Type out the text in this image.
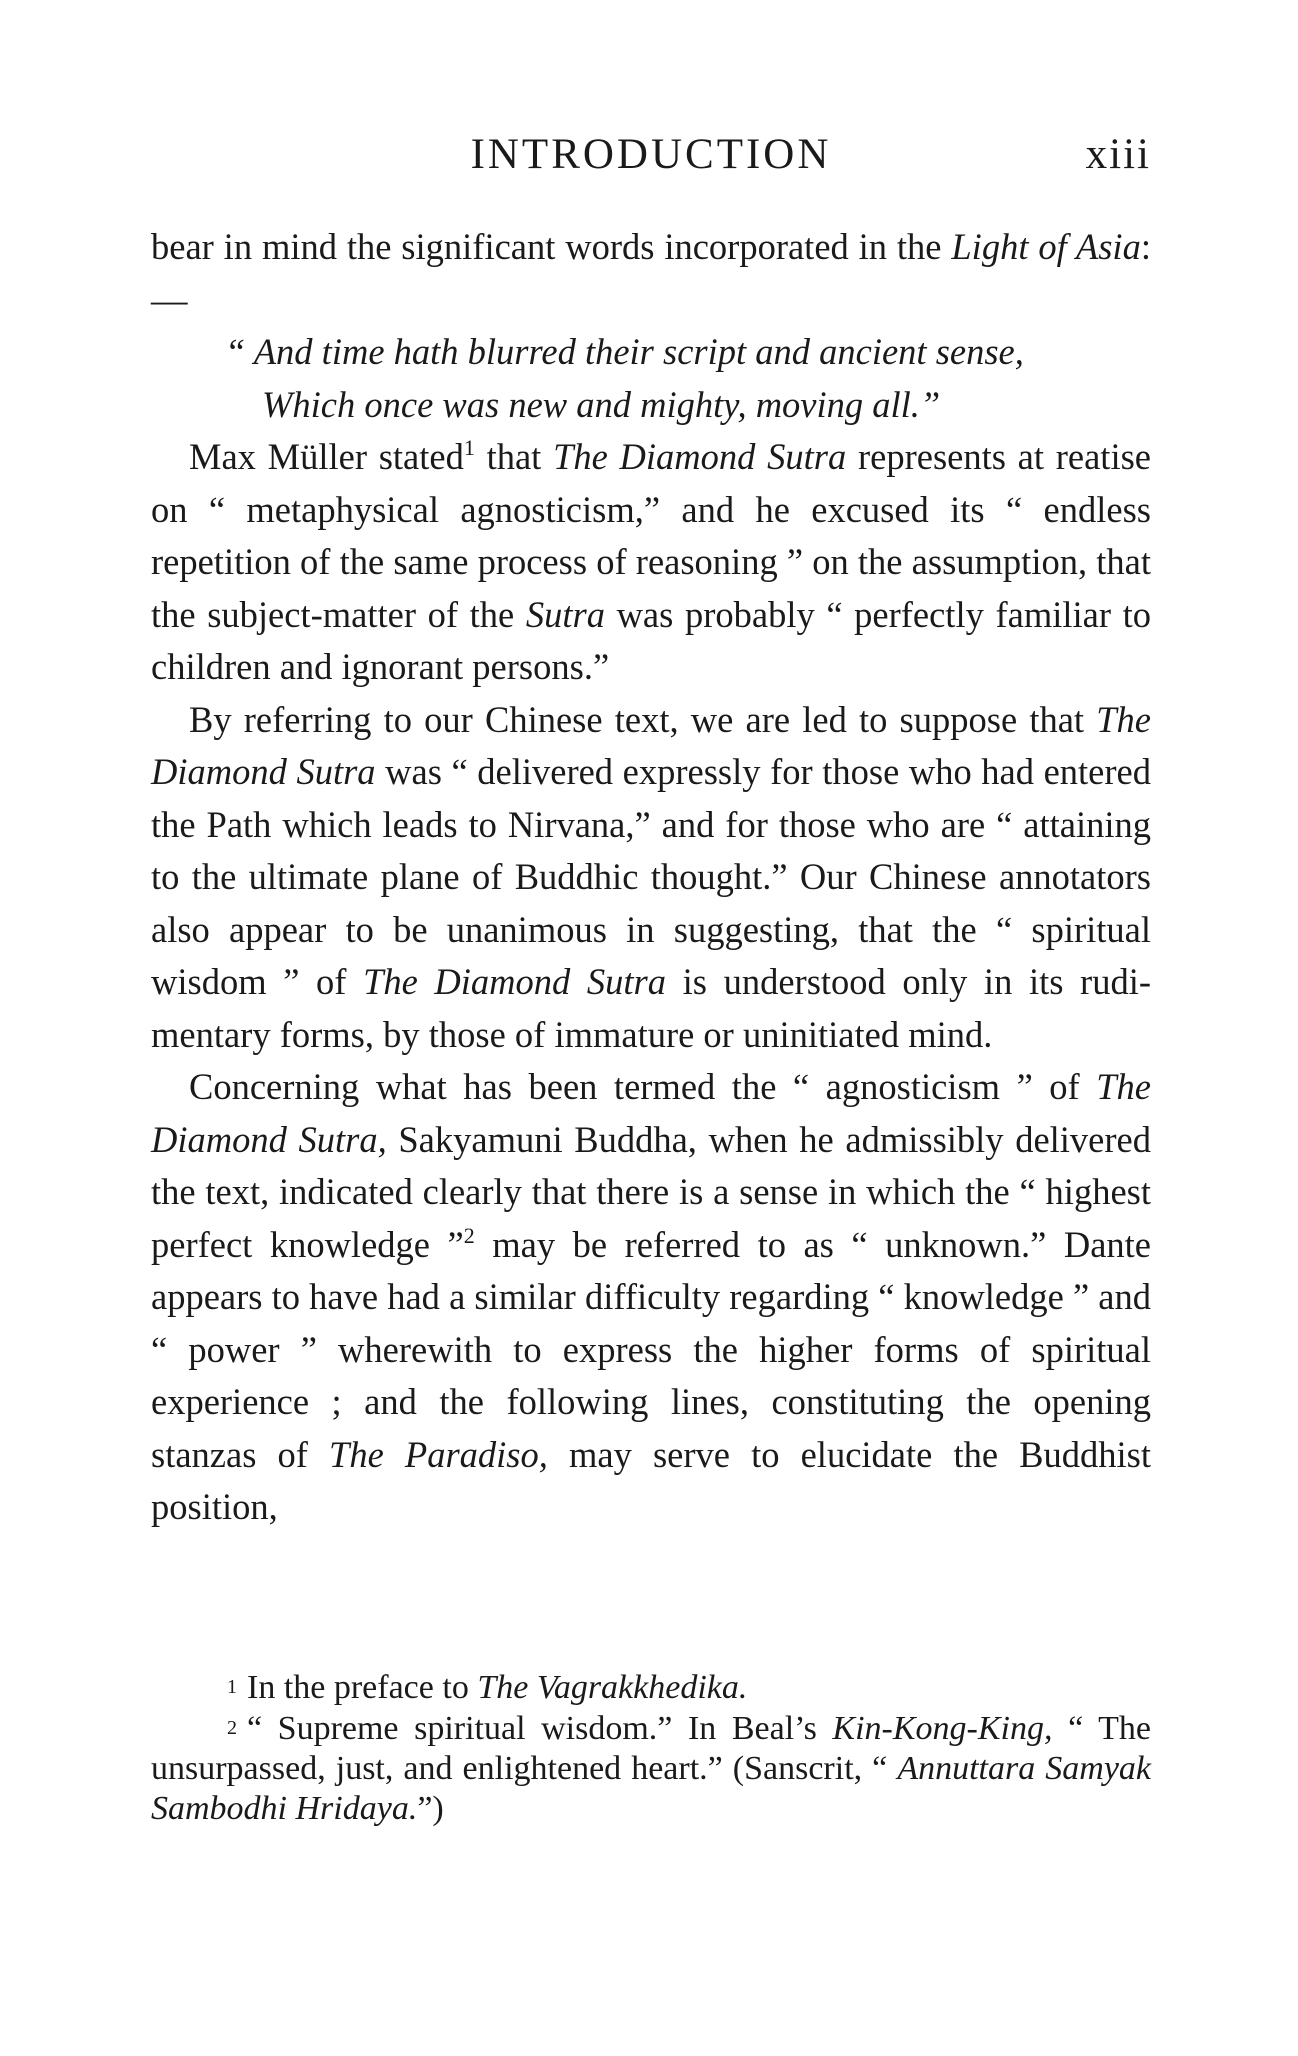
INTRODUCTION	xiii

bear in mind the significant words incorporated in the Light of Asia:—

“ And time hath blurred their script and ancient sense,
Which once was new and mighty, moving all.”

Max Müller stated$^1$ that The Diamond Sutra represents at reatise on “ metaphysical agnosticism,” and he excused its “ endless repetition of the same process of reasoning ” on the assumption, that the subject-matter of the Sutra was probably “ perfectly familiar to children and ignorant persons.”

By referring to our Chinese text, we are led to suppose that The Diamond Sutra was “ delivered expressly for those who had entered the Path which leads to Nirvana,” and for those who are “ attaining to the ultimate plane of Buddhic thought.” Our Chinese annotators also appear to be unanimous in suggesting, that the “ spiritual wisdom ” of The Diamond Sutra is understood only in its rudi-mentary forms, by those of immature or uninitiated mind.

Concerning what has been termed the “ agnosticism ” of The Diamond Sutra, Sakyamuni Buddha, when he admissibly delivered the text, indicated clearly that there is a sense in which the “ highest perfect knowledge ”$^2$ may be referred to as “ unknown.” Dante appears to have had a similar difficulty regarding “ knowledge ” and “ power ” wherewith to express the higher forms of spiritual experience ; and the following lines, constituting the opening stanzas of The Paradiso, may serve to elucidate the Buddhist position,

1 In the preface to The Vagrakkhedika.

2 “ Supreme spiritual wisdom.” In Beal’s Kin-Kong-King, “ The unsurpassed, just, and enlightened heart.” (Sanscrit, “ Annuttara Samyak Sambodhi Hridaya.”)
